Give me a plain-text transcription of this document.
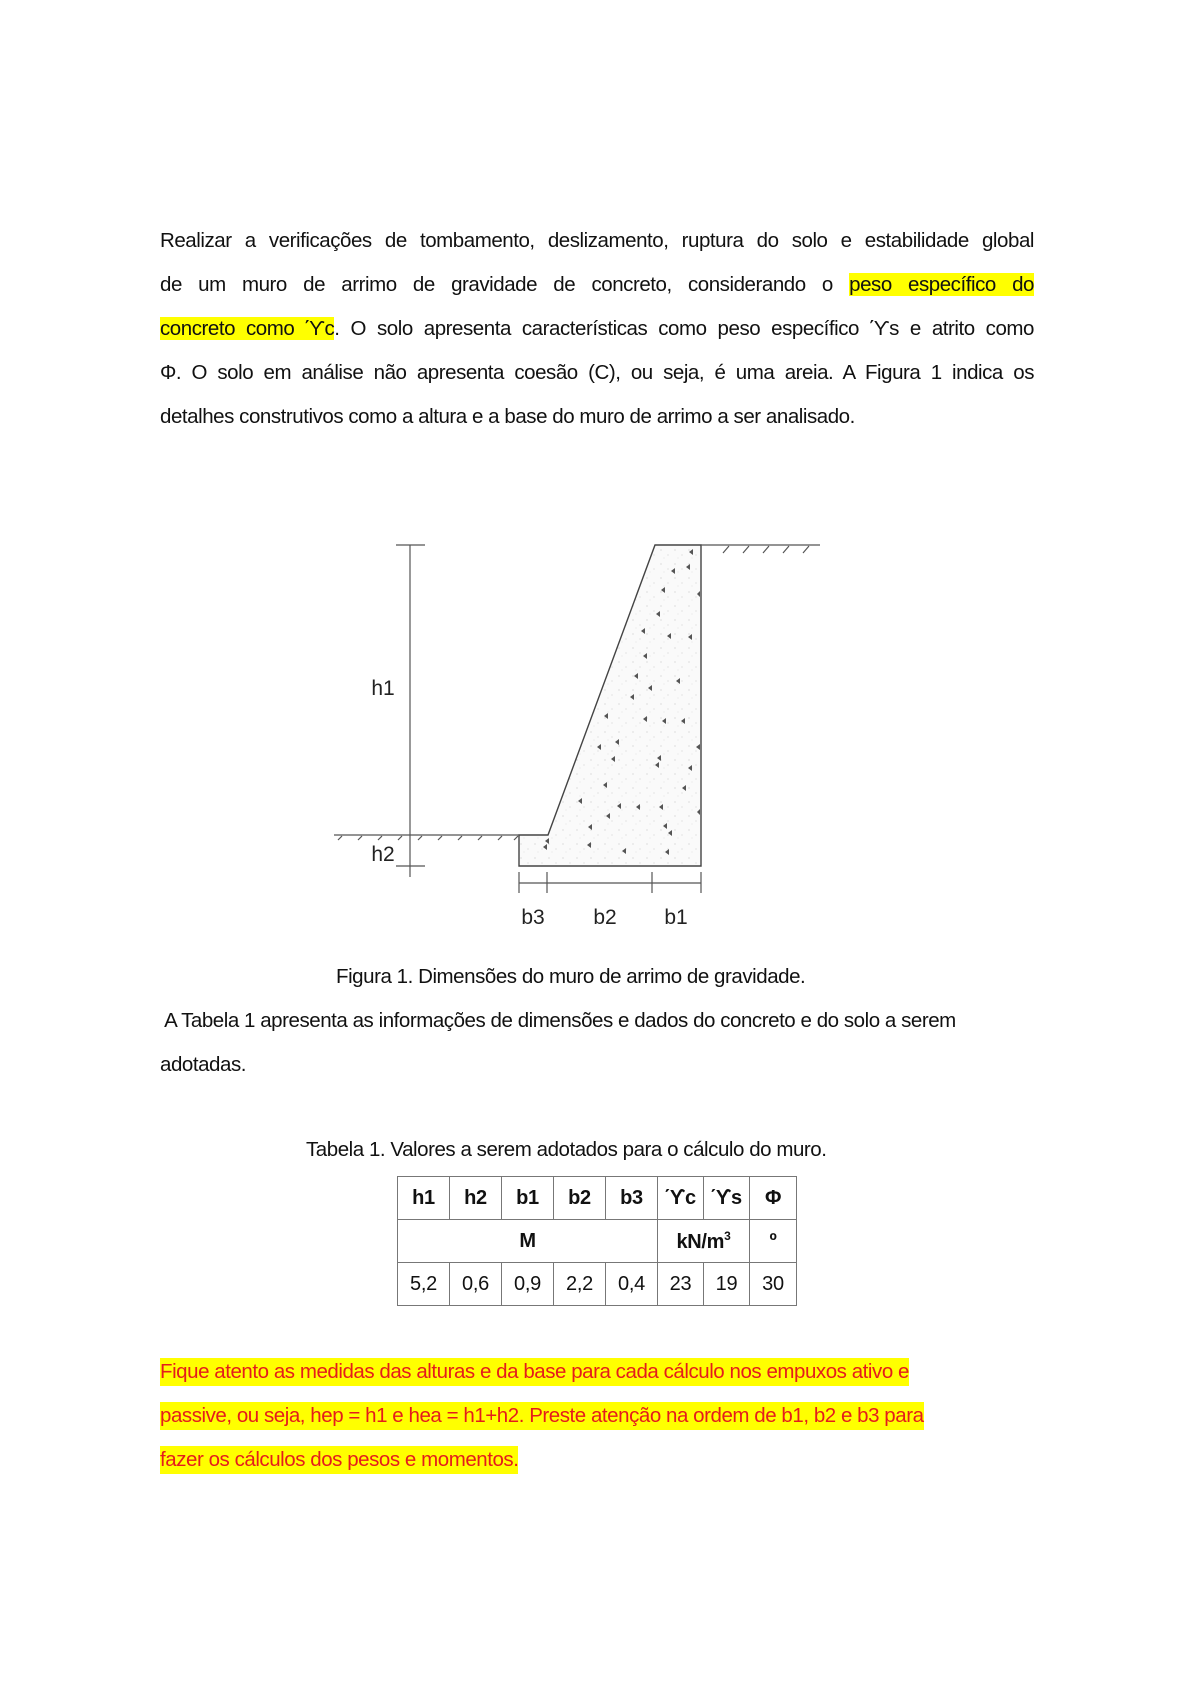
Realizar a verificações de tombamento, deslizamento, ruptura do solo e estabilidade global
de um muro de arrimo de gravidade de concreto, considerando o peso específico do
concreto como ϓc. O solo apresenta características como peso específico ϓs e atrito como
Φ. O solo em análise não apresenta coesão (C), ou seja, é uma areia. A Figura 1 indica os
detalhes construtivos como a altura e a base do muro de arrimo a ser analisado.
h1
h2
b3 b2 b1
Figura 1. Dimensões do muro de arrimo de gravidade.
A Tabela 1 apresenta as informações de dimensões e dados do concreto e do solo a serem
adotadas.
Tabela 1. Valores a serem adotados para o cálculo do muro.
h1	h2	b1	b2	b3	ϓc	ϓs	Φ
M					$kN/m^3$		º
5,2	0,6	0,9	2,2	0,4	23	19	30
Fique atento as medidas das alturas e da base para cada cálculo nos empuxos ativo e
passive, ou seja, hep = h1 e hea = h1+h2. Preste atenção na ordem de b1, b2 e b3 para
fazer os cálculos dos pesos e momentos.
